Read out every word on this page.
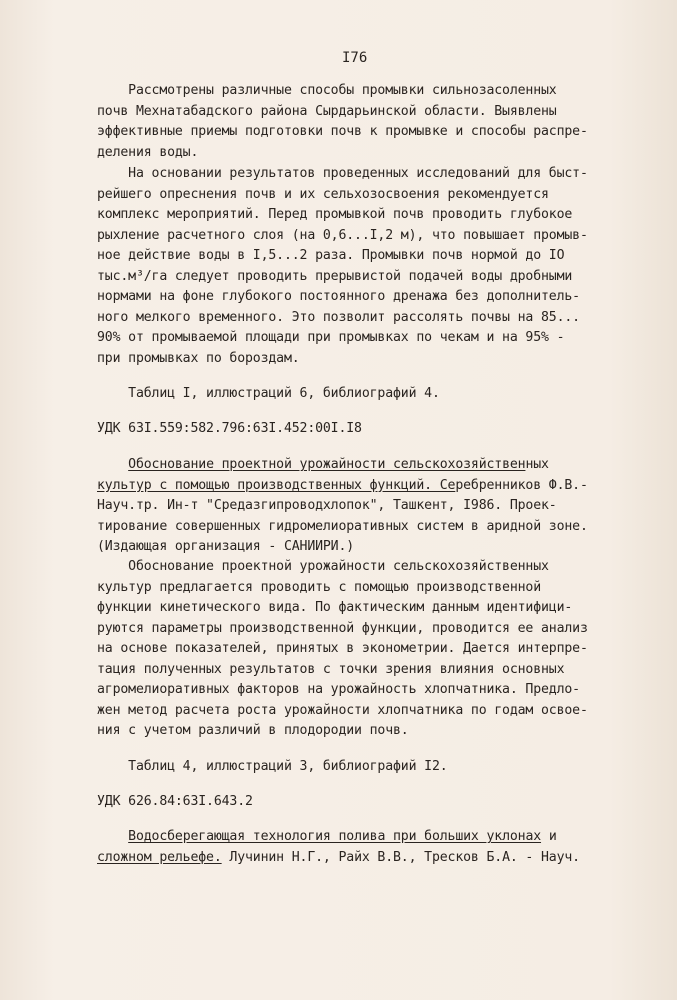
I76
Рассмотрены различные способы промывки сильнозасоленных
почв Мехнатабадского района Сырдарьинской области. Выявлены
эффективные приемы подготовки почв к промывке и способы распре-
деления воды.
На основании результатов проведенных исследований для быст-
рейшего опреснения почв и их сельхозосвоения рекомендуется
комплекс мероприятий. Перед промывкой почв проводить глубокое
рыхление расчетного слоя (на 0,6...I,2 м), что повышает промыв-
ное действие воды в I,5...2 раза. Промывки почв нормой до IO
тыс.м³/га следует проводить прерывистой подачей воды дробными
нормами на фоне глубокого постоянного дренажа без дополнитель-
ного мелкого временного. Это позволит рассолять почвы на 85...
90% от промываемой площади при промывках по чекам и на 95% -
при промывках по бороздам.
Таблиц I, иллюстраций 6, библиографий 4.
УДК 63I.559:582.796:63I.452:00I.I8
Обоснование проектной урожайности сельскохозяйственных
культур с помощью производственных функций. Серебренников Ф.В.-
Науч.тр. Ин-т "Средазгипроводхлопок", Ташкент, I986. Проек-
тирование совершенных гидромелиоративных систем в аридной зоне.
(Издающая организация - САНИИРИ.)
Обоснование проектной урожайности сельскохозяйственных
культур предлагается проводить с помощью производственной
функции кинетического вида. По фактическим данным идентифици-
руются параметры производственной функции, проводится ее анализ
на основе показателей, принятых в эконометрии. Дается интерпре-
тация полученных результатов с точки зрения влияния основных
агромелиоративных факторов на урожайность хлопчатника. Предло-
жен метод расчета роста урожайности хлопчатника по годам освое-
ния с учетом различий в плодородии почв.
Таблиц 4, иллюстраций 3, библиографий I2.
УДК 626.84:63I.643.2
Водосберегающая технология полива при больших уклонах и
сложном рельефе. Лучинин Н.Г., Райх В.В., Тресков Б.А. - Науч.
